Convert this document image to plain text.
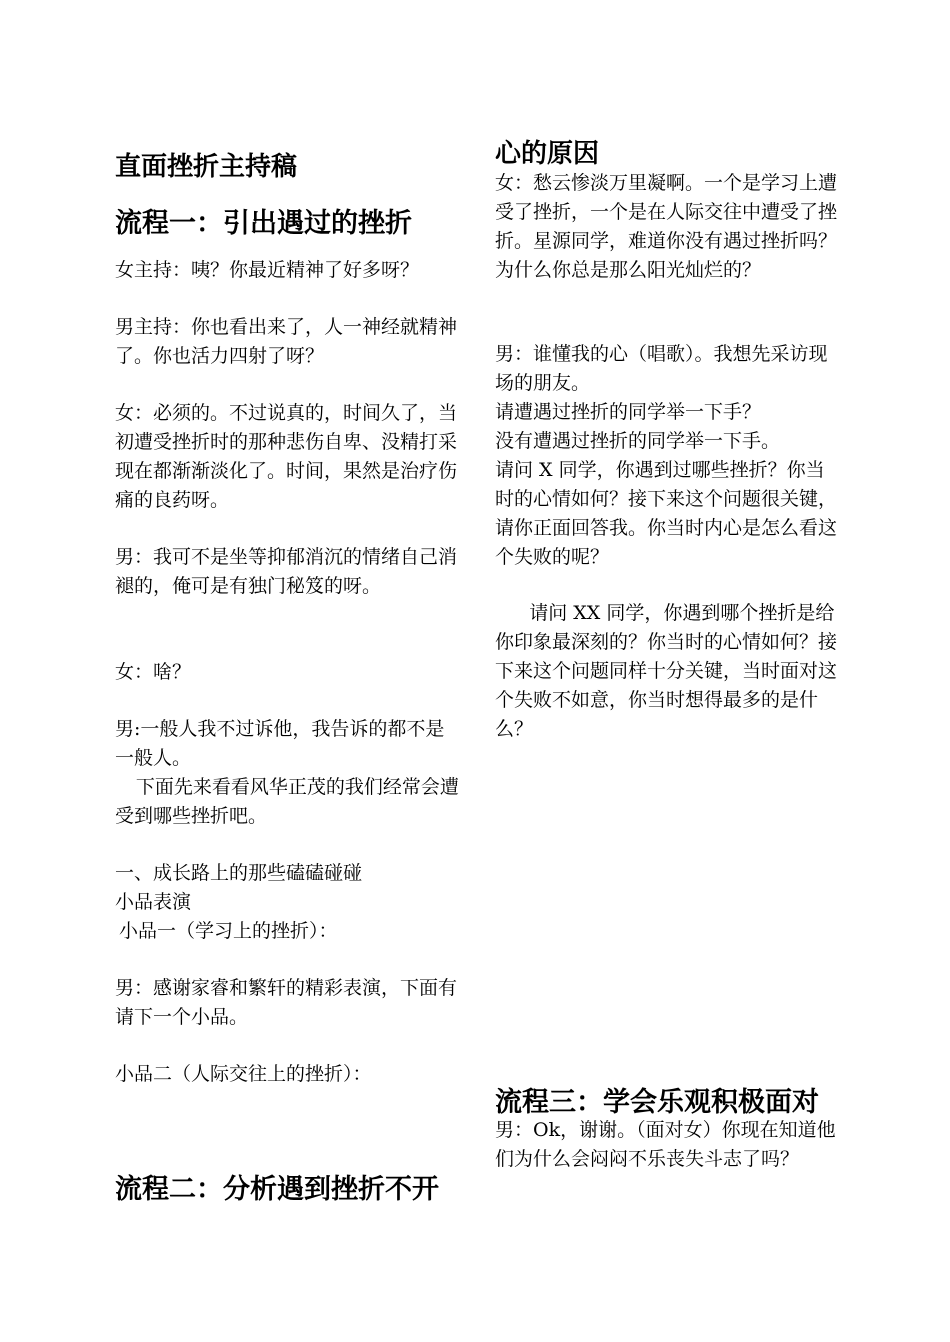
直面挫折主持稿
流程一：引出遇过的挫折
女主持：咦？你最近精神了好多呀？
男主持：你也看出来了，人一神经就精神了。你也活力四射了呀？
女：必须的。不过说真的，时间久了，当初遭受挫折时的那种悲伤自卑、没精打采现在都渐渐淡化了。时间，果然是治疗伤痛的良药呀。
男：我可不是坐等抑郁消沉的情绪自己消褪的，俺可是有独门秘笈的呀。
女：啥？
男:一般人我不过诉他，我告诉的都不是一般人。
下面先来看看风华正茂的我们经常会遭受到哪些挫折吧。
一、成长路上的那些磕磕碰碰
小品表演
小品一（学习上的挫折）：
男：感谢家睿和繁轩的精彩表演，下面有请下一个小品。
小品二（人际交往上的挫折）：
流程二：分析遇到挫折不开
心的原因
女：愁云惨淡万里凝啊。一个是学习上遭受了挫折，一个是在人际交往中遭受了挫折。星源同学，难道你没有遇过挫折吗？为什么你总是那么阳光灿烂的？
男：谁懂我的心（唱歌）。我想先采访现场的朋友。
请遭遇过挫折的同学举一下手？
没有遭遇过挫折的同学举一下手。
请问 X 同学，你遇到过哪些挫折？你当时的心情如何？接下来这个问题很关键，请你正面回答我。你当时内心是怎么看这个失败的呢？
请问 XX 同学，你遇到哪个挫折是给你印象最深刻的？你当时的心情如何？接下来这个问题同样十分关键，当时面对这个失败不如意，你当时想得最多的是什么？
流程三：学会乐观积极面对
男：Ok，谢谢。（面对女）你现在知道他们为什么会闷闷不乐丧失斗志了吗？
